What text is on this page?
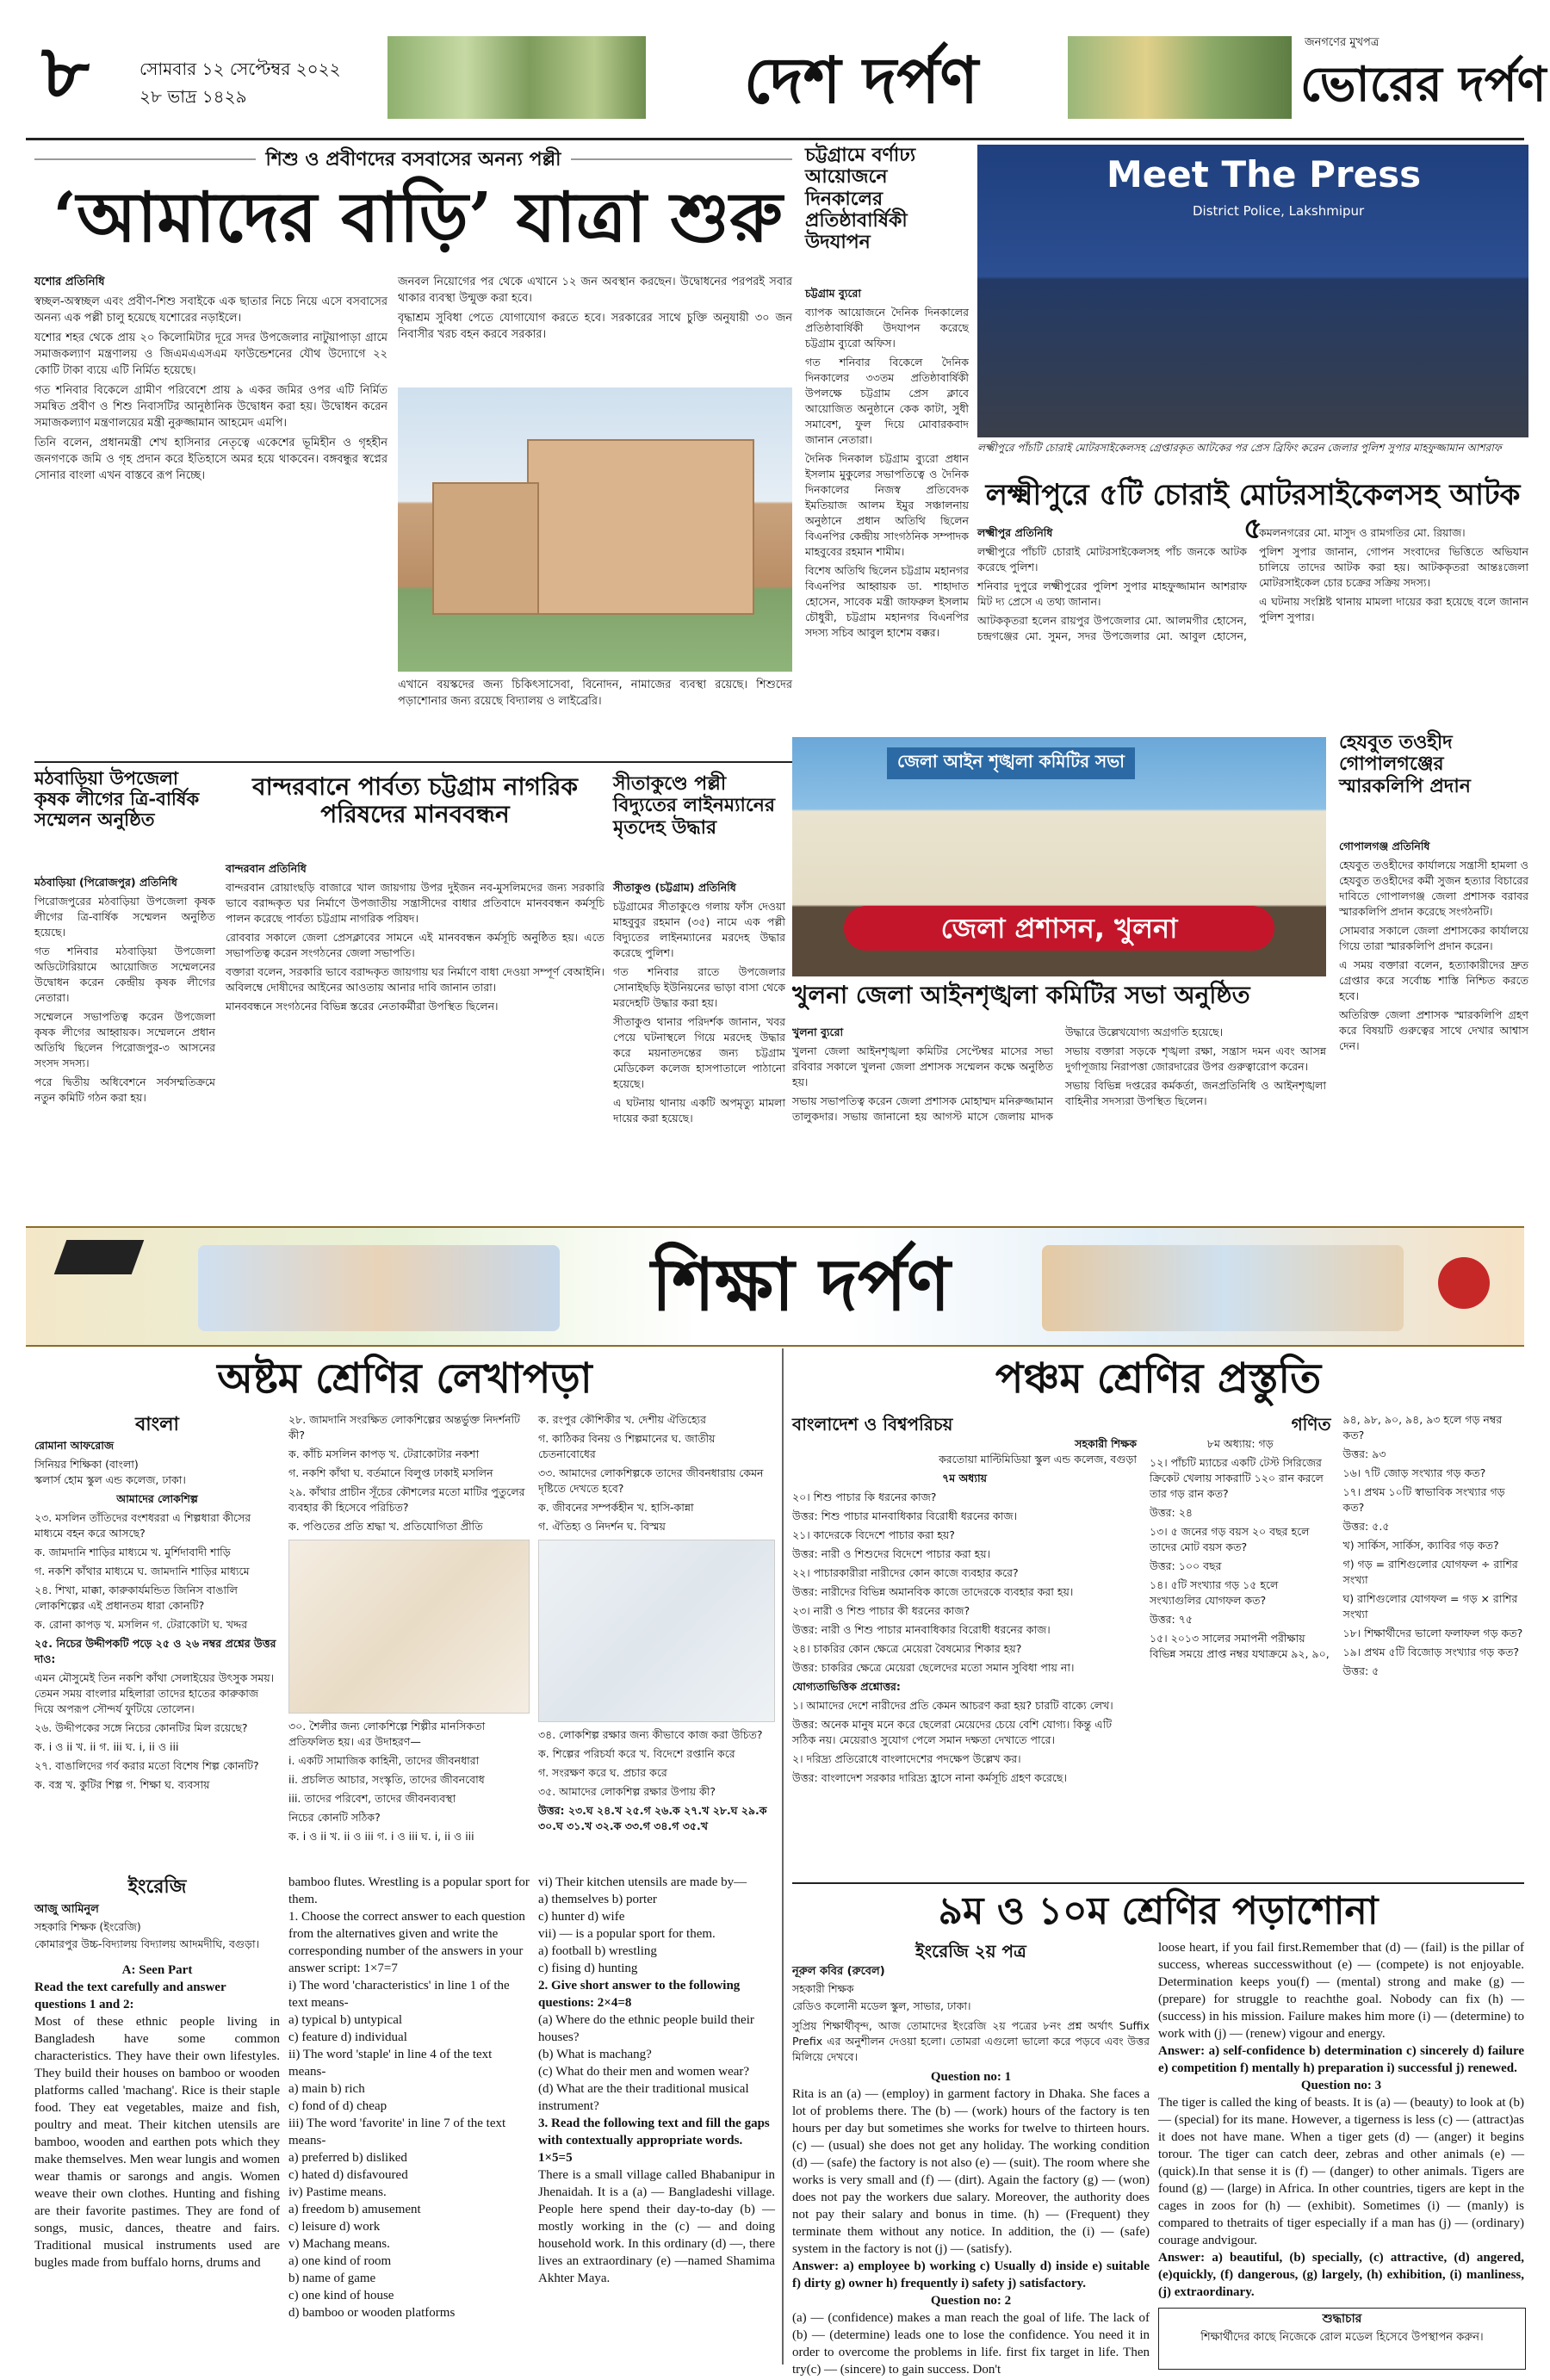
৮	সোমবার ১২ সেপ্টেম্বর ২০২২
২৮ ভাদ্র ১৪২৯	দেশ দর্পণ
জনগণের মুখপত্র
ভোরের দর্পণ
শিশু ও প্রবীণদের বসবাসের অনন্য পল্লী
‘আমাদের বাড়ি’ যাত্রা শুরু

যশোর প্রতিনিধি

স্বচ্ছল-অস্বচ্ছল এবং প্রবীণ-শিশু সবাইকে এক ছাতার নিচে নিয়ে এসে বসবাসের অনন্য এক পল্লী চালু হয়েছে যশোরের নড়াইলে।

যশোর শহর থেকে প্রায় ২০ কিলোমিটার দূরে সদর উপজেলার নাটুয়াপাড়া গ্রামে সমাজকল্যাণ মন্ত্রণালয় ও জিএমএএসএম ফাউন্ডেশনের যৌথ উদ্যোগে ২২ কোটি টাকা ব্যয়ে এটি নির্মিত হয়েছে।

গত শনিবার বিকেলে গ্রামীণ পরিবেশে প্রায় ৯ একর জমির ওপর এটি নির্মিত সমন্বিত প্রবীণ ও শিশু নিবাসটির আনুষ্ঠানিক উদ্বোধন করা হয়। উদ্বোধন করেন সমাজকল্যাণ মন্ত্রণালয়ের মন্ত্রী নুরুজ্জামান আহমেদ এমপি।

তিনি বলেন, প্রধানমন্ত্রী শেখ হাসিনার নেতৃত্বে একেশের ভূমিহীন ও গৃহহীন জনগণকে জমি ও গৃহ প্রদান করে ইতিহাসে অমর হয়ে থাকবেন। বঙ্গবন্ধুর স্বপ্নের সোনার বাংলা এখন বাস্তবে রূপ নিচ্ছে।

জনবল নিয়োগের পর থেকে এখানে ১২ জন অবস্থান করছেন। উদ্বোধনের পরপরই সবার থাকার ব্যবস্থা উন্মুক্ত করা হবে।

বৃদ্ধাশ্রম সুবিধা পেতে যোগাযোগ করতে হবে। সরকারের সাথে চুক্তি অনুযায়ী ৩০ জন নিবাসীর খরচ বহন করবে সরকার।

এখানে বয়স্কদের জন্য চিকিৎসাসেবা, বিনোদন, নামাজের ব্যবস্থা রয়েছে। শিশুদের পড়াশোনার জন্য রয়েছে বিদ্যালয় ও লাইব্রেরি।

চট্টগ্রামে বর্ণাঢ্য আয়োজনে দিনকালের প্রতিষ্ঠাবার্ষিকী উদযাপন

চট্টগ্রাম ব্যুরো

ব্যাপক আয়োজনে দৈনিক দিনকালের প্রতিষ্ঠাবার্ষিকী উদযাপন করেছে চট্টগ্রাম ব্যুরো অফিস।

গত শনিবার বিকেলে দৈনিক দিনকালের ৩৩তম প্রতিষ্ঠাবার্ষিকী উপলক্ষে চট্টগ্রাম প্রেস ক্লাবে আয়োজিত অনুষ্ঠানে কেক কাটা, সুধী সমাবেশ, ফুল দিয়ে মোবারকবাদ জানান নেতারা।

দৈনিক দিনকাল চট্টগ্রাম ব্যুরো প্রধান ইসলাম মুকুলের সভাপতিত্বে ও দৈনিক দিনকালের নিজস্ব প্রতিবেদক ইমতিয়াজ আলম ইমুর সঞ্চালনায় অনুষ্ঠানে প্রধান অতিথি ছিলেন বিএনপির কেন্দ্রীয় সাংগঠনিক সম্পাদক মাহবুবের রহমান শামীম।

বিশেষ অতিথি ছিলেন চট্টগ্রাম মহানগর বিএনপির আহ্বায়ক ডা. শাহাদাত হোসেন, সাবেক মন্ত্রী জাফরুল ইসলাম চৌধুরী, চট্টগ্রাম মহানগর বিএনপির সদস্য সচিব আবুল হাশেম বক্কর।

Meet The Press
District Police, Lakshmipur
লক্ষ্মীপুরে পাঁচটি চোরাই মোটরসাইকেলসহ গ্রেপ্তারকৃত আটকের পর প্রেস ব্রিফিং করেন জেলার পুলিশ সুপার মাহফুজ্জামান আশরাফ
লক্ষ্মীপুরে ৫টি চোরাই মোটরসাইকেলসহ আটক ৫

লক্ষ্মীপুর প্রতিনিধি

লক্ষ্মীপুরে পাঁচটি চোরাই মোটরসাইকেলসহ পাঁচ জনকে আটক করেছে পুলিশ।

শনিবার দুপুরে লক্ষ্মীপুরের পুলিশ সুপার মাহফুজ্জামান আশরাফ মিট দ্য প্রেসে এ তথ্য জানান।

আটককৃতরা হলেন রায়পুর উপজেলার মো. আলমগীর হোসেন, চন্দ্রগঞ্জের মো. সুমন, সদর উপজেলার মো. আবুল হোসেন, কমলনগরের মো. মাসুদ ও রামগতির মো. রিয়াজ।

পুলিশ সুপার জানান, গোপন সংবাদের ভিত্তিতে অভিযান চালিয়ে তাদের আটক করা হয়। আটককৃতরা আন্তঃজেলা মোটরসাইকেল চোর চক্রের সক্রিয় সদস্য।

এ ঘটনায় সংশ্লিষ্ট থানায় মামলা দায়ের করা হয়েছে বলে জানান পুলিশ সুপার।

মঠবাড়িয়া উপজেলা কৃষক লীগের ত্রি-বার্ষিক সম্মেলন অনুষ্ঠিত

মঠবাড়িয়া (পিরোজপুর) প্রতিনিধি

পিরোজপুরের মঠবাড়িয়া উপজেলা কৃষক লীগের ত্রি-বার্ষিক সম্মেলন অনুষ্ঠিত হয়েছে।

গত শনিবার মঠবাড়িয়া উপজেলা অডিটোরিয়ামে আয়োজিত সম্মেলনের উদ্বোধন করেন কেন্দ্রীয় কৃষক লীগের নেতারা।

সম্মেলনে সভাপতিত্ব করেন উপজেলা কৃষক লীগের আহ্বায়ক। সম্মেলনে প্রধান অতিথি ছিলেন পিরোজপুর-৩ আসনের সংসদ সদস্য।

পরে দ্বিতীয় অধিবেশনে সর্বসম্মতিক্রমে নতুন কমিটি গঠন করা হয়।

বান্দরবানে পার্বত্য চট্টগ্রাম নাগরিক পরিষদের মানববন্ধন

বান্দরবান প্রতিনিধি

বান্দরবান রোয়াংছড়ি বাজারে খাল জায়গায় উপর দুইজন নব-মুসলিমদের জন্য সরকারি ভাবে বরাদ্দকৃত ঘর নির্মাণে উপজাতীয় সন্ত্রাসীদের বাধার প্রতিবাদে মানববন্ধন কর্মসূচি পালন করেছে পার্বত্য চট্টগ্রাম নাগরিক পরিষদ।

রোববার সকালে জেলা প্রেসক্লাবের সামনে এই মানববন্ধন কর্মসূচি অনুষ্ঠিত হয়। এতে সভাপতিত্ব করেন সংগঠনের জেলা সভাপতি।

বক্তারা বলেন, সরকারি ভাবে বরাদ্দকৃত জায়গায় ঘর নির্মাণে বাধা দেওয়া সম্পূর্ণ বেআইনি। অবিলম্বে দোষীদের আইনের আওতায় আনার দাবি জানান তারা।

মানববন্ধনে সংগঠনের বিভিন্ন স্তরের নেতাকর্মীরা উপস্থিত ছিলেন।

সীতাকুণ্ডে পল্লী বিদ্যুতের লাইনম্যানের মৃতদেহ উদ্ধার

সীতাকুণ্ড (চট্টগ্রাম) প্রতিনিধি

চট্টগ্রামের সীতাকুণ্ডে গলায় ফাঁস দেওয়া মাহবুবুর রহমান (৩৫) নামে এক পল্লী বিদ্যুতের লাইনম্যানের মরদেহ উদ্ধার করেছে পুলিশ।

গত শনিবার রাতে উপজেলার সোনাইছড়ি ইউনিয়নের ভাড়া বাসা থেকে মরদেহটি উদ্ধার করা হয়।

সীতাকুণ্ড থানার পরিদর্শক জানান, খবর পেয়ে ঘটনাস্থলে গিয়ে মরদেহ উদ্ধার করে ময়নাতদন্তের জন্য চট্টগ্রাম মেডিকেল কলেজ হাসপাতালে পাঠানো হয়েছে।

এ ঘটনায় থানায় একটি অপমৃত্যু মামলা দায়ের করা হয়েছে।

জেলা আইন শৃঙ্খলা কমিটির সভা
জেলা প্রশাসন, খুলনা
হেযবুত তওহীদ গোপালগঞ্জের স্মারকলিপি প্রদান

গোপালগঞ্জ প্রতিনিধি

হেযবুত তওহীদের কার্যালয়ে সন্ত্রাসী হামলা ও হেযবুত তওহীদের কর্মী সুজন হত্যার বিচারের দাবিতে গোপালগঞ্জ জেলা প্রশাসক বরাবর স্মারকলিপি প্রদান করেছে সংগঠনটি।

সোমবার সকালে জেলা প্রশাসকের কার্যালয়ে গিয়ে তারা স্মারকলিপি প্রদান করেন।

এ সময় বক্তারা বলেন, হত্যাকারীদের দ্রুত গ্রেপ্তার করে সর্বোচ্চ শাস্তি নিশ্চিত করতে হবে।

অতিরিক্ত জেলা প্রশাসক স্মারকলিপি গ্রহণ করে বিষয়টি গুরুত্বের সাথে দেখার আশ্বাস দেন।

খুলনা জেলা আইনশৃঙ্খলা কমিটির সভা অনুষ্ঠিত

খুলনা ব্যুরো

খুলনা জেলা আইনশৃঙ্খলা কমিটির সেপ্টেম্বর মাসের সভা রবিবার সকালে খুলনা জেলা প্রশাসক সম্মেলন কক্ষে অনুষ্ঠিত হয়।

সভায় সভাপতিত্ব করেন জেলা প্রশাসক মোহাম্মদ মনিরুজ্জামান তালুকদার। সভায় জানানো হয় আগস্ট মাসে জেলায় মাদক উদ্ধারে উল্লেখযোগ্য অগ্রগতি হয়েছে।

সভায় বক্তারা সড়কে শৃঙ্খলা রক্ষা, সন্ত্রাস দমন এবং আসন্ন দুর্গাপূজায় নিরাপত্তা জোরদারের উপর গুরুত্বারোপ করেন।

সভায় বিভিন্ন দপ্তরের কর্মকর্তা, জনপ্রতিনিধি ও আইনশৃঙ্খলা বাহিনীর সদস্যরা উপস্থিত ছিলেন।

শিক্ষা দর্পণ
অষ্টম শ্রেণির লেখাপড়া
বাংলা

রোমানা আফরোজ

সিনিয়র শিক্ষিকা (বাংলা)

স্কলার্স হোম স্কুল এন্ড কলেজ, ঢাকা।

আমাদের লোকশিল্প

২৩. মসলিন তাঁতিদের বংশধররা এ শিল্পধারা কীসের মাধ্যমে বহন করে আসছে?

ক. জামদানি শাড়ির মাধ্যমে খ. মুর্শিদাবাদী শাড়ি

গ. নকশি কাঁথার মাধ্যমে ঘ. জামদানি শাড়ির মাধ্যমে

২৪. শিখা, মাক্কা, কারুকার্যমন্ডিত জিনিস বাঙালি লোকশিল্পের এই প্রধানতম ধারা কোনটি?

ক. রোনা কাপড় খ. মসলিন গ. টেরাকোটা ঘ. খদ্দর

২৫. নিচের উদ্দীপকটি পড়ে ২৫ ও ২৬ নম্বর প্রশ্নের উত্তর দাও:

এমন মৌসুমেই তিন নকশি কাঁথা সেলাইয়ের উৎসুক সময়। তেমন সময় বাংলার মহিলারা তাদের হাতের কারুকাজ দিয়ে অপরূপ সৌন্দর্য ফুটিয়ে তোলেন।

২৬. উদ্দীপকের সঙ্গে নিচের কোনটির মিল রয়েছে?

ক. i ও ii খ. ii গ. iii ঘ. i, ii ও iii

২৭. বাঙালিদের গর্ব করার মতো বিশেষ শিল্প কোনটি?

ক. বস্ত্র খ. কুটির শিল্প গ. শিক্ষা ঘ. ব্যবসায়

২৮. জামদানি সংরক্ষিত লোকশিল্পের অন্তর্ভুক্ত নিদর্শনটি কী?

ক. কাঁচি মসলিন কাপড় খ. টেরাকোটার নকশা

গ. নকশি কাঁথা ঘ. বর্তমানে বিলুপ্ত ঢাকাই মসলিন

২৯. কাঁথার প্রাচীন সূঁচের কৌশলের মতো মাটির পুতুলের ব্যবহার কী হিসেবে পরিচিত?

ক. পণ্ডিতের প্রতি শ্রদ্ধা খ. প্রতিযোগিতা প্রীতি

৩০. শৈলীর জন্য লোকশিল্পে শিল্পীর মানসিকতা প্রতিফলিত হয়। এর উদাহরণ—

i. একটি সামাজিক কাহিনী, তাদের জীবনধারা

ii. প্রচলিত আচার, সংস্কৃতি, তাদের জীবনবোধ

iii. তাদের পরিবেশ, তাদের জীবনব্যবস্থা

নিচের কোনটি সঠিক?

ক. i ও ii খ. ii ও iii গ. i ও iii ঘ. i, ii ও iii

ক. রংপুর কৌশিকীর খ. দেশীয় ঐতিহ্যের

গ. কাঠিকর বিনয় ও শিল্পমানের ঘ. জাতীয় চেতনাবোধের

৩৩. আমাদের লোকশিল্পকে তাদের জীবনধারায় কেমন দৃষ্টিতে দেখতে হবে?

ক. জীবনের সম্পর্কহীন খ. হাসি-কান্না

গ. ঐতিহ্য ও নিদর্শন ঘ. বিস্ময়

৩৪. লোকশিল্প রক্ষার জন্য কীভাবে কাজ করা উচিত?

ক. শিল্পের পরিচর্যা করে খ. বিদেশে রপ্তানি করে

গ. সংরক্ষণ করে ঘ. প্রচার করে

৩৫. আমাদের লোকশিল্প রক্ষার উপায় কী?

উত্তর: ২৩.ঘ ২৪.খ ২৫.গ ২৬.ক ২৭.খ ২৮.ঘ ২৯.ক ৩০.ঘ ৩১.খ ৩২.ক ৩৩.গ ৩৪.গ ৩৫.খ

ইংরেজি
আজু আমিনুল
সহকারি শিক্ষক (ইংরেজি)
কোমারপুর উচ্চ-বিদ্যালয় বিদ্যালয় আদমদীঘি, বগুড়া।
A: Seen Part
Read the text carefully and answer questions 1 and 2:
Most of these ethnic people living in Bangladesh have some common characteristics. They have their own lifestyles. They build their houses on bamboo or wooden platforms called 'machang'. Rice is their staple food. They eat vegetables, maize and fish, poultry and meat. Their kitchen utensils are bamboo, wooden and earthen pots which they make themselves. Men wear lungis and women wear thamis or sarongs and angis. Women weave their own clothes. Hunting and fishing are their favorite pastimes. They are fond of songs, music, dances, theatre and fairs. Traditional musical instruments used are bugles made from buffalo horns, drums and
bamboo flutes. Wrestling is a popular sport for them.
1. Choose the correct answer to each question from the alternatives given and write the corresponding number of the answers in your answer script: 1×7=7
i) The word 'characteristics' in line 1 of the text means-
a) typical b) untypical
c) feature d) individual
ii) The word 'staple' in line 4 of the text means-
a) main b) rich
c) fond of d) cheap
iii) The word 'favorite' in line 7 of the text means-
a) preferred b) disliked
c) hated d) disfavoured
iv) Pastime means.
a) freedom b) amusement
c) leisure d) work
v) Machang means.
a) one kind of room
b) name of game
c) one kind of house
d) bamboo or wooden platforms
vi) Their kitchen utensils are made by—
a) themselves b) porter
c) hunter d) wife
vii) — is a popular sport for them.
a) football b) wrestling
c) fising d) hunting
2. Give short answer to the following questions: 2×4=8
(a) Where do the ethnic people build their houses?
(b) What is machang?
(c) What do their men and women wear?
(d) What are the their traditional musical instrument?
3. Read the following text and fill the gaps with contextually appropriate words. 1×5=5
There is a small village called Bhabanipur in Jhenaidah. It is a (a) — Bangladeshi village. People here spend their day-to-day (b) — mostly working in the (c) — and doing household work. In this ordinary (d) —, there lives an extraordinary (e) —named Shamima Akhter Maya.
পঞ্চম শ্রেণির প্রস্তুতি
বাংলাদেশ ও বিশ্বপরিচয়

সহকারী শিক্ষক

করতোয়া মাল্টিমিডিয়া স্কুল এন্ড কলেজ, বগুড়া

৭ম অধ্যায়

২০। শিশু পাচার কি ধরনের কাজ?

উত্তর: শিশু পাচার মানবাধিকার বিরোধী ধরনের কাজ।

২১। কাদেরকে বিদেশে পাচার করা হয়?

উত্তর: নারী ও শিশুদের বিদেশে পাচার করা হয়।

২২। পাচারকারীরা নারীদের কোন কাজে ব্যবহার করে?

উত্তর: নারীদের বিভিন্ন অমানবিক কাজে তাদেরকে ব্যবহার করা হয়।

২৩। নারী ও শিশু পাচার কী ধরনের কাজ?

উত্তর: নারী ও শিশু পাচার মানবাধিকার বিরোধী ধরনের কাজ।

২৪। চাকরির কোন ক্ষেত্রে মেয়েরা বৈষম্যের শিকার হয়?

উত্তর: চাকরির ক্ষেত্রে মেয়েরা ছেলেদের মতো সমান সুবিধা পায় না।

যোগ্যতাভিত্তিক প্রশ্নোত্তর:

১। আমাদের দেশে নারীদের প্রতি কেমন আচরণ করা হয়? চারটি বাক্যে লেখ।

উত্তর: অনেক মানুষ মনে করে ছেলেরা মেয়েদের চেয়ে বেশি যোগ্য। কিন্তু এটি সঠিক নয়। মেয়েরাও সুযোগ পেলে সমান দক্ষতা দেখাতে পারে।

২। দরিদ্র্য প্রতিরোধে বাংলাদেশের পদক্ষেপ উল্লেখ কর।

উত্তর: বাংলাদেশ সরকার দারিদ্র্য হ্রাসে নানা কর্মসূচি গ্রহণ করেছে।

গণিত

৮ম অধ্যায়: গড়

১২। পাঁচটি ম্যাচের একটি টেস্ট সিরিজের ক্রিকেট খেলায় সাকরাটি ১২০ রান করলে তার গড় রান কত?

উত্তর: ২৪

১৩। ৫ জনের গড় বয়স ২০ বছর হলে তাদের মোট বয়স কত?

উত্তর: ১০০ বছর

১৪। ৫টি সংখ্যার গড় ১৫ হলে সংখ্যাগুলির যোগফল কত?

উত্তর: ৭৫

১৫। ২০১৩ সালের সমাপনী পরীক্ষায় বিভিন্ন সময়ে প্রাপ্ত নম্বর যথাক্রমে ৯২, ৯০, ৯৪, ৯৮, ৯০, ৯৪, ৯৩ হলে গড় নম্বর কত?

উত্তর: ৯৩

১৬। ৭টি জোড় সংখ্যার গড় কত?

১৭। প্রথম ১০টি স্বাভাবিক সংখ্যার গড় কত?

উত্তর: ৫.৫

খ) সার্কিস, সার্কিস, ক্যাবির গড় কত?

গ) গড় = রাশিগুলোর যোগফল ÷ রাশির সংখ্যা

ঘ) রাশিগুলোর যোগফল = গড় × রাশির সংখ্যা

১৮। শিক্ষার্থীদের ভালো ফলাফল গড় কত?

১৯। প্রথম ৫টি বিজোড় সংখ্যার গড় কত?

উত্তর: ৫

৯ম ও ১০ম শ্রেণির পড়াশোনা
ইংরেজি ২য় পত্র
নূরুল কবির (রুবেল)
সহকারী শিক্ষক
রেডিও কলোনী মডেল স্কুল, সাভার, ঢাকা।
সুপ্রিয় শিক্ষার্থীবৃন্দ, আজ তোমাদের ইংরেজি ২য় পত্রের ৮নং প্রশ্ন অর্থাৎ Suffix Prefix এর অনুশীলন দেওয়া হলো। তোমরা এগুলো ভালো করে পড়বে এবং উত্তর মিলিয়ে দেখবে।
Question no: 1
Rita is an (a) — (employ) in garment factory in Dhaka. She faces a lot of problems there. The (b) — (work) hours of the factory is ten hours per day but sometimes she works for twelve to thirteen hours. (c) — (usual) she does not get any holiday. The working condition (d) — (safe) the factory is not also (e) — (suit). The room where she works is very small and (f) — (dirt). Again the factory (g) — (won) does not pay the workers due salary. Moreover, the authority does not pay their salary and bonus in time. (h) — (Frequent) they terminate them without any notice. In addition, the (i) — (safe) system in the factory is not (j) — (satisfy).
Answer: a) employee b) working c) Usually d) inside e) suitable f) dirty g) owner h) frequently i) safety j) satisfactory.
Question no: 2
(a) — (confidence) makes a man reach the goal of life. The lack of (b) — (determine) leads one to lose the confidence. You need it in order to overcome the problems in life. first fix target in life. Then try(c) — (sincere) to gain success. Don't
loose heart, if you fail first.Remember that (d) — (fail) is the pillar of success, whereas successwithout (e) — (compete) is not enjoyable. Determination keeps you(f) — (mental) strong and make (g) — (prepare) for struggle to reachthe goal. Nobody can fix (h) — (success) in his mission. Failure makes him more (i) — (determine) to work with (j) — (renew) vigour and energy.
Answer: a) self-confidence b) determination c) sincerely d) failure e) competition f) mentally h) preparation i) successful j) renewed.
Question no: 3
The tiger is called the king of beasts. It is (a) — (beauty) to look at (b) — (special) for its mane. However, a tigerness is less (c) — (attract)as it does not have mane. When a tiger gets (d) — (anger) it begins torour. The tiger can catch deer, zebras and other animals (e) — (quick).In that sense it is (f) — (danger) to other animals. Tigers are found (g) — (large) in Africa. In other countries, tigers are kept in the cages in zoos for (h) — (exhibit). Sometimes (i) — (manly) is compared to thetraits of tiger especially if a man has (j) — (ordinary) courage andvigour.
Answer: a) beautiful, (b) specially, (c) attractive, (d) angered, (e)quickly, (f) dangerous, (g) largely, (h) exhibition, (i) manliness, (j) extraordinary.
শুদ্ধাচার
শিক্ষার্থীদের কাছে নিজেকে রোল মডেল হিসেবে উপস্থাপন করুন।
